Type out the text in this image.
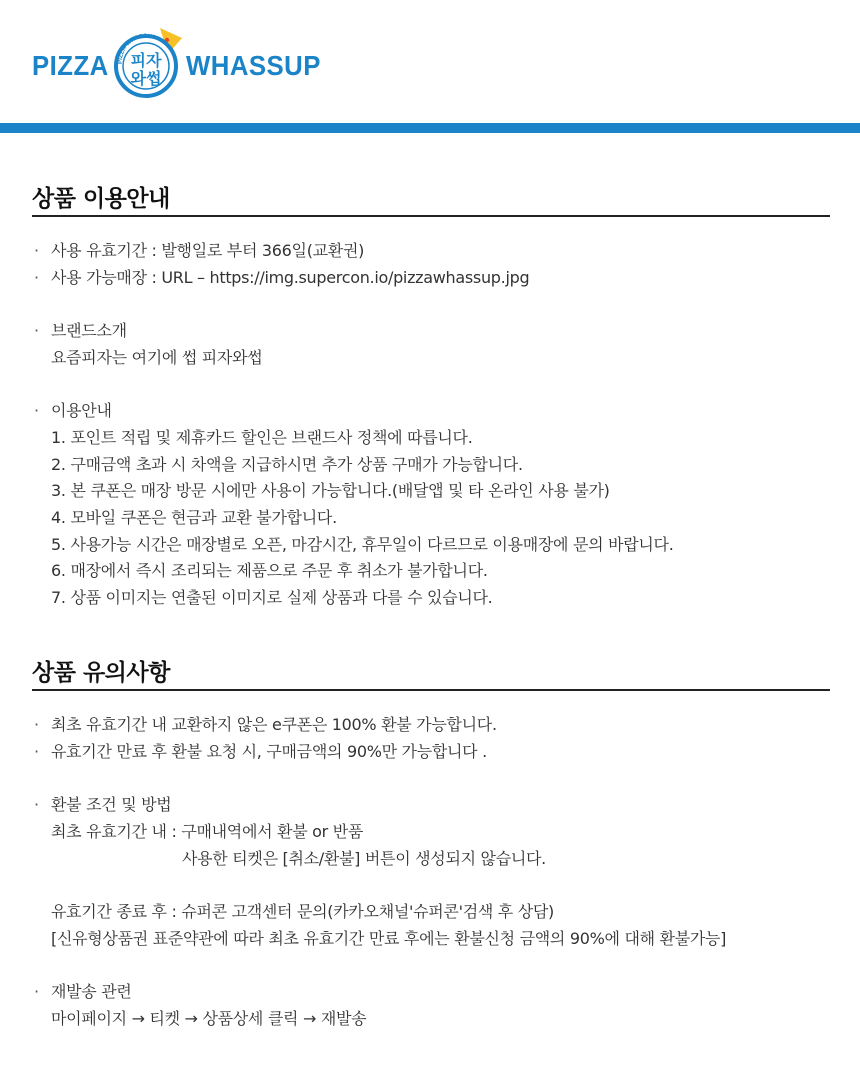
PIZZA PIZZA WHASSUP
피자
와썹 WHASSUP
상품 이용안내
· 사용 유효기간 : 발행일로 부터 366일(교환권)
· 사용 가능매장 : URL – https://img.supercon.io/pizzawhassup.jpg
· 브랜드소개
요즘피자는 여기에 썹 피자와썹
· 이용안내
1. 포인트 적립 및 제휴카드 할인은 브랜드사 정책에 따릅니다.
2. 구매금액 초과 시 차액을 지급하시면 추가 상품 구매가 가능합니다.
3. 본 쿠폰은 매장 방문 시에만 사용이 가능합니다.(배달앱 및 타 온라인 사용 불가)
4. 모바일 쿠폰은 현금과 교환 불가합니다.
5. 사용가능 시간은 매장별로 오픈, 마감시간, 휴무일이 다르므로 이용매장에 문의 바랍니다.
6. 매장에서 즉시 조리되는 제품으로 주문 후 취소가 불가합니다.
7. 상품 이미지는 연출된 이미지로 실제 상품과 다를 수 있습니다.
상품 유의사항
· 최초 유효기간 내 교환하지 않은 e쿠폰은 100% 환불 가능합니다.
· 유효기간 만료 후 환불 요청 시, 구매금액의 90%만 가능합니다 .
· 환불 조건 및 방법
최초 유효기간 내 : 구매내역에서 환불 or 반품
사용한 티켓은 [취소/환불] 버튼이 생성되지 않습니다.
유효기간 종료 후 : 슈퍼콘 고객센터 문의(카카오채널'슈퍼콘'검색 후 상담)
[신유형상품권 표준약관에 따라 최초 유효기간 만료 후에는 환불신청 금액의 90%에 대해 환불가능]
· 재발송 관련
마이페이지 → 티켓 → 상품상세 클릭 → 재발송
